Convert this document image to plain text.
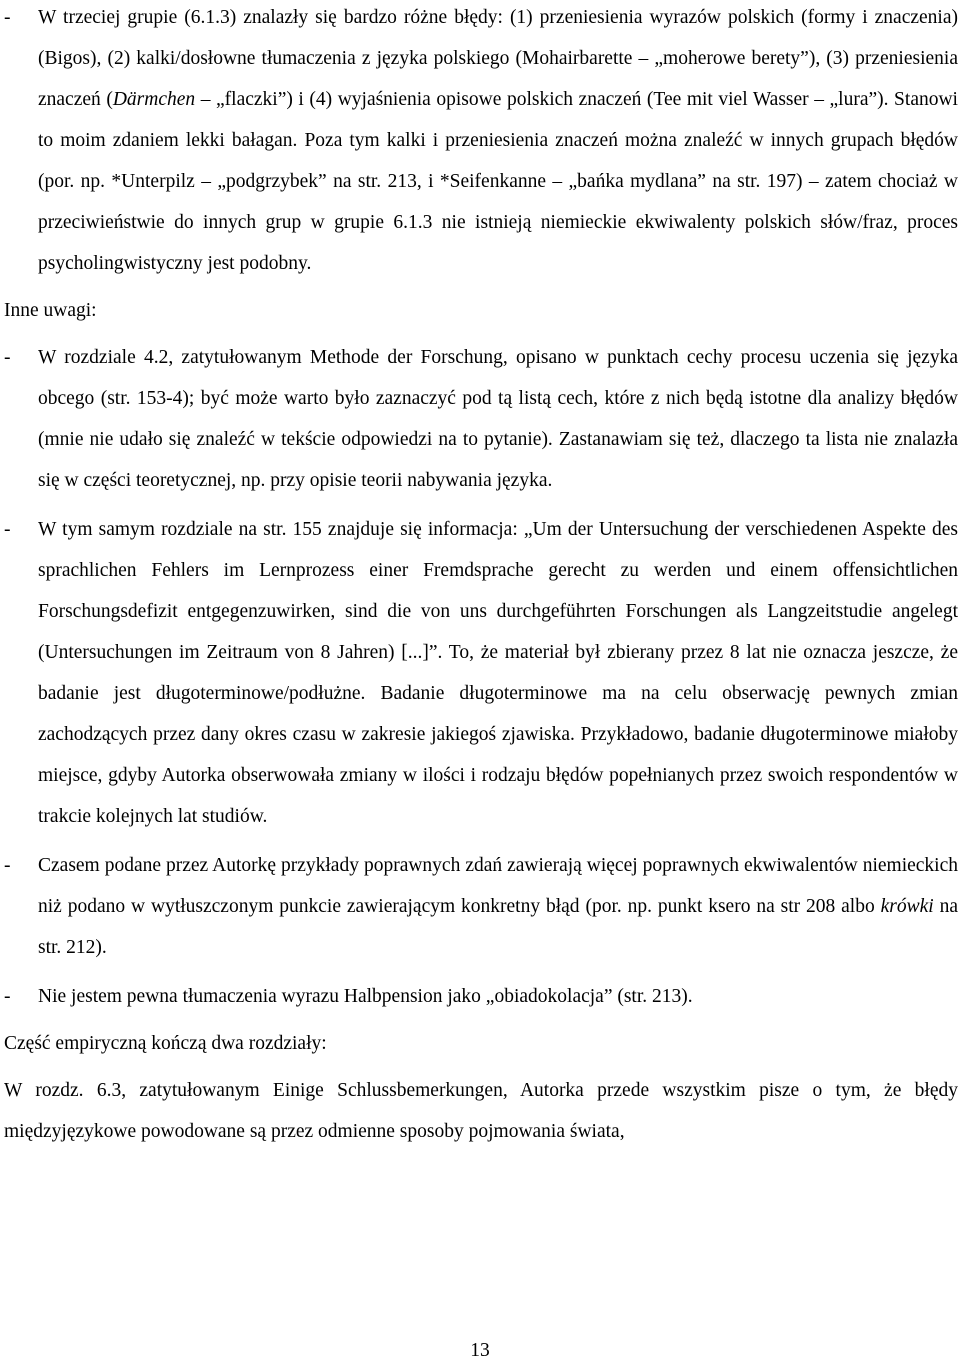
- W trzeciej grupie (6.1.3) znalazły się bardzo różne błędy: (1) przeniesienia wyrazów polskich (formy i znaczenia) (Bigos), (2) kalki/dosłowne tłumaczenia z języka polskiego (Mohairbarette – „moherowe berety”), (3) przeniesienia znaczeń (Därmchen – „flaczki”) i (4) wyjaśnienia opisowe polskich znaczeń (Tee mit viel Wasser – „lura”). Stanowi to moim zdaniem lekki bałagan. Poza tym kalki i przeniesienia znaczeń można znaleźć w innych grupach błędów (por. np. *Unterpilz – „podgrzybek” na str. 213, i *Seifenkanne – „bańka mydlana” na str. 197) – zatem chociaż w przeciwieństwie do innych grup w grupie 6.1.3 nie istnieją niemieckie ekwiwalenty polskich słów/fraz, proces psycholingwistyczny jest podobny.

Inne uwagi:

- W rozdziale 4.2, zatytułowanym Methode der Forschung, opisano w punktach cechy procesu uczenia się języka obcego (str. 153-4); być może warto było zaznaczyć pod tą listą cech, które z nich będą istotne dla analizy błędów (mnie nie udało się znaleźć w tekście odpowiedzi na to pytanie). Zastanawiam się też, dlaczego ta lista nie znalazła się w części teoretycznej, np. przy opisie teorii nabywania języka.

- W tym samym rozdziale na str. 155 znajduje się informacja: „Um der Untersuchung der verschiedenen Aspekte des sprachlichen Fehlers im Lernprozess einer Fremdsprache gerecht zu werden und einem offensichtlichen Forschungsdefizit entgegenzuwirken, sind die von uns durchgeführten Forschungen als Langzeitstudie angelegt (Untersuchungen im Zeitraum von 8 Jahren) [...]”. To, że materiał był zbierany przez 8 lat nie oznacza jeszcze, że badanie jest długoterminowe/podłużne. Badanie długoterminowe ma na celu obserwację pewnych zmian zachodzących przez dany okres czasu w zakresie jakiegoś zjawiska. Przykładowo, badanie długoterminowe miałoby miejsce, gdyby Autorka obserwowała zmiany w ilości i rodzaju błędów popełnianych przez swoich respondentów w trakcie kolejnych lat studiów.

- Czasem podane przez Autorkę przykłady poprawnych zdań zawierają więcej poprawnych ekwiwalentów niemieckich niż podano w wytłuszczonym punkcie zawierającym konkretny błąd (por. np. punkt ksero na str 208 albo krówki na str. 212).

- Nie jestem pewna tłumaczenia wyrazu Halbpension jako „obiadokolacja” (str. 213).

Część empiryczną kończą dwa rozdziały:

W rozdz. 6.3, zatytułowanym Einige Schlussbemerkungen, Autorka przede wszystkim pisze o tym, że błędy międzyjęzykowe powodowane są przez odmienne sposoby pojmowania świata,

13
